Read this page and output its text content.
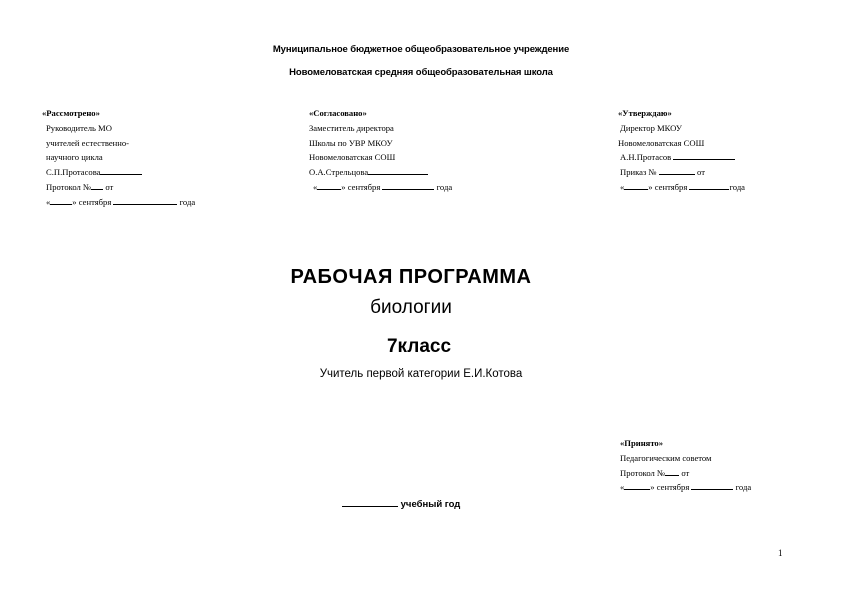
Муниципальное бюджетное общеобразовательное учреждение
Новомеловатская средняя общеобразовательная школа
«Рассмотрено»
Руководитель МО
учителей естественно-
научного цикла
С.П.Протасова
Протокол № от
«	» сентября	года
«Согласовано»
Заместитель директора
Школы по УВР МКОУ
Новомеловатская СОШ
О.А.Стрельцова
«	» сентября	года
«Утверждаю»
Директор МКОУ
Новомеловатская СОШ
А.Н.Протасов
Приказ №	от
«	» сентября	года
РАБОЧАЯ ПРОГРАММА
биологии
7класс
Учитель первой категории Е.И.Котова
«Принято»
Педагогическим советом
Протокол № от
«	» сентября	года
учебный год
1
